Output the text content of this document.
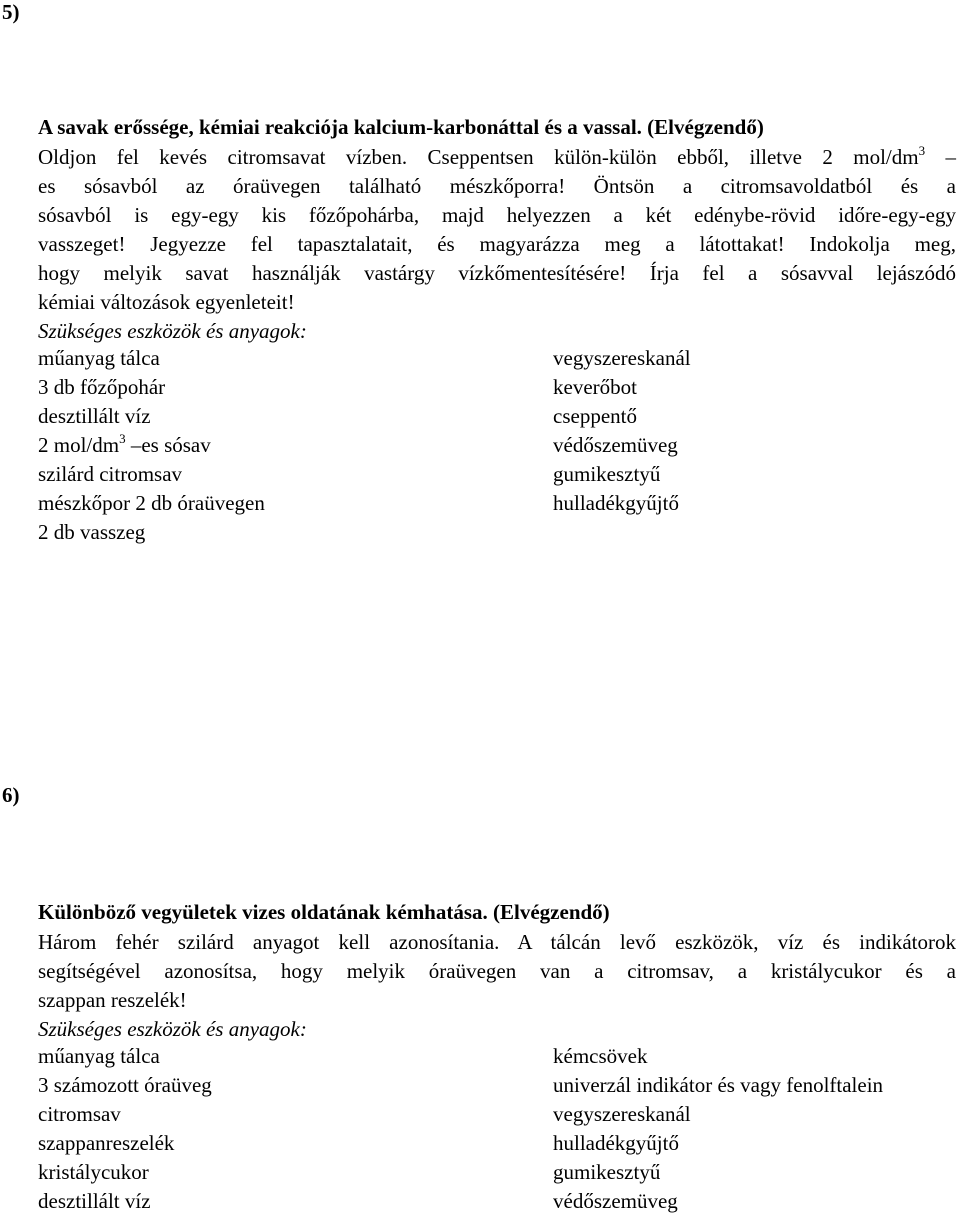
5)
A savak erőssége, kémiai reakciója kalcium-karbonáttal és a vassal. (Elvégzendő)
Oldjon fel kevés citromsavat vízben. Cseppentsen külön-külön ebből, illetve 2 mol/$dm^3$ –
es sósavból az óraüvegen található mészkőporra! Öntsön a citromsavoldatból és a
sósavból is egy-egy kis főzőpohárba, majd helyezzen a két edénybe-rövid időre-egy-egy
vasszeget! Jegyezze fel tapasztalatait, és magyarázza meg a látottakat! Indokolja meg,
hogy melyik savat használják vastárgy vízkőmentesítésére! Írja fel a sósavval lejászódó
kémiai változások egyenleteit!
Szükséges eszközök és anyagok:
műanyag tálca
3 db főzőpohár
desztillált víz
2 mol/$dm^3$ –es sósav
szilárd citromsav
mészkőpor 2 db óraüvegen
2 db vasszeg
vegyszereskanál
keverőbot
cseppentő
védőszemüveg
gumikesztyű
hulladékgyűjtő
6)
Különböző vegyületek vizes oldatának kémhatása. (Elvégzendő)
Három fehér szilárd anyagot kell azonosítania. A tálcán levő eszközök, víz és indikátorok
segítségével azonosítsa, hogy melyik óraüvegen van a citromsav, a kristálycukor és a
szappan reszelék!
Szükséges eszközök és anyagok:
műanyag tálca
3 számozott óraüveg
citromsav
szappanreszelék
kristálycukor
desztillált víz
kémcsövek
univerzál indikátor és vagy fenolftalein
vegyszereskanál
hulladékgyűjtő
gumikesztyű
védőszemüveg
